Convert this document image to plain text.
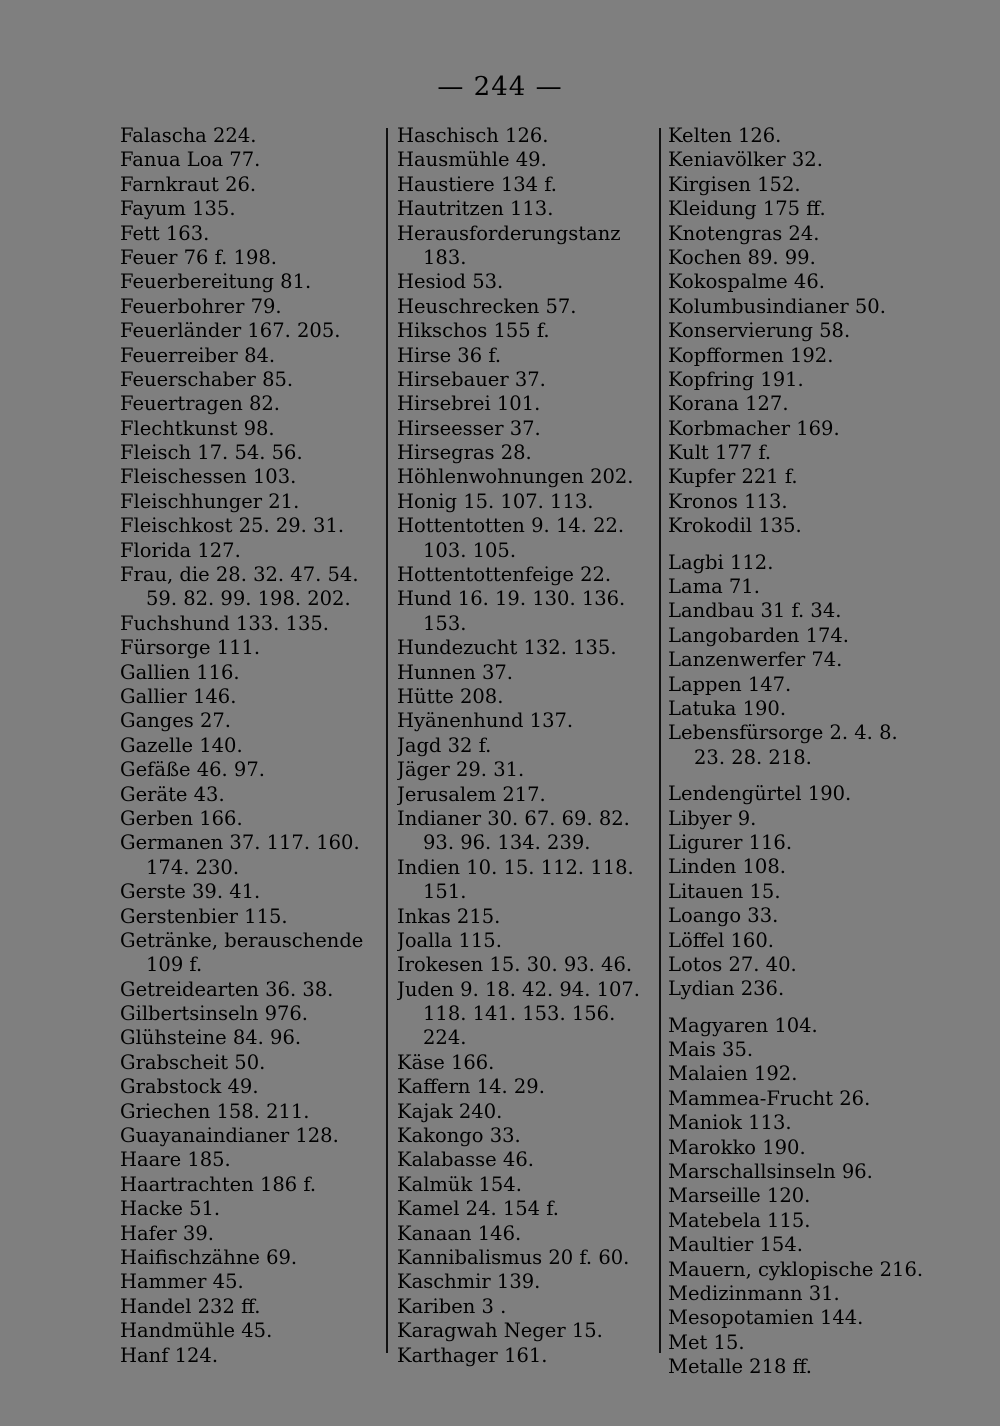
— 244 —
Falascha 224.
Fanua Loa 77.
Farnkraut 26.
Fayum 135.
Fett 163.
Feuer 76 f. 198.
Feuerbereitung 81.
Feuerbohrer 79.
Feuerländer 167. 205.
Feuerreiber 84.
Feuerschaber 85.
Feuertragen 82.
Flechtkunst 98.
Fleisch 17. 54. 56.
Fleischessen 103.
Fleischhunger 21.
Fleischkost 25. 29. 31.
Florida 127.
Frau, die 28. 32. 47. 54.
59. 82. 99. 198. 202.
Fuchshund 133. 135.
Fürsorge 111.
Gallien 116.
Gallier 146.
Ganges 27.
Gazelle 140.
Gefäße 46. 97.
Geräte 43.
Gerben 166.
Germanen 37. 117. 160.
174. 230.
Gerste 39. 41.
Gerstenbier 115.
Getränke, berauschende
109 f.
Getreidearten 36. 38.
Gilbertsinseln 976.
Glühsteine 84. 96.
Grabscheit 50.
Grabstock 49.
Griechen 158. 211.
Guayanaindianer 128.
Haare 185.
Haartrachten 186 f.
Hacke 51.
Hafer 39.
Haifischzähne 69.
Hammer 45.
Handel 232 ff.
Handmühle 45.
Hanf 124.
Haschisch 126.
Hausmühle 49.
Haustiere 134 f.
Hautritzen 113.
Herausforderungstanz
183.
Hesiod 53.
Heuschrecken 57.
Hikschos 155 f.
Hirse 36 f.
Hirsebauer 37.
Hirsebrei 101.
Hirseesser 37.
Hirsegras 28.
Höhlenwohnungen 202.
Honig 15. 107. 113.
Hottentotten 9. 14. 22.
103. 105.
Hottentottenfeige 22.
Hund 16. 19. 130. 136.
153.
Hundezucht 132. 135.
Hunnen 37.
Hütte 208.
Hyänenhund 137.
Jagd 32 f.
Jäger 29. 31.
Jerusalem 217.
Indianer 30. 67. 69. 82.
93. 96. 134. 239.
Indien 10. 15. 112. 118.
151.
Inkas 215.
Joalla 115.
Irokesen 15. 30. 93. 46.
Juden 9. 18. 42. 94. 107.
118. 141. 153. 156.
224.
Käse 166.
Kaffern 14. 29.
Kajak 240.
Kakongo 33.
Kalabasse 46.
Kalmük 154.
Kamel 24. 154 f.
Kanaan 146.
Kannibalismus 20 f. 60.
Kaschmir 139.
Kariben 3 .
Karagwah Neger 15.
Karthager 161.
Kelten 126.
Keniavölker 32.
Kirgisen 152.
Kleidung 175 ff.
Knotengras 24.
Kochen 89. 99.
Kokospalme 46.
Kolumbusindianer 50.
Konservierung 58.
Kopfformen 192.
Kopfring 191.
Korana 127.
Korbmacher 169.
Kult 177 f.
Kupfer 221 f.
Kronos 113.
Krokodil 135.
Lagbi 112.
Lama 71.
Landbau 31 f. 34.
Langobarden 174.
Lanzenwerfer 74.
Lappen 147.
Latuka 190.
Lebensfürsorge 2. 4. 8.
23. 28. 218.
Lendengürtel 190.
Libyer 9.
Ligurer 116.
Linden 108.
Litauen 15.
Loango 33.
Löffel 160.
Lotos 27. 40.
Lydian 236.
Magyaren 104.
Mais 35.
Malaien 192.
Mammea-Frucht 26.
Maniok 113.
Marokko 190.
Marschallsinseln 96.
Marseille 120.
Matebela 115.
Maultier 154.
Mauern, cyklopische 216.
Medizinmann 31.
Mesopotamien 144.
Met 15.
Metalle 218 ff.
